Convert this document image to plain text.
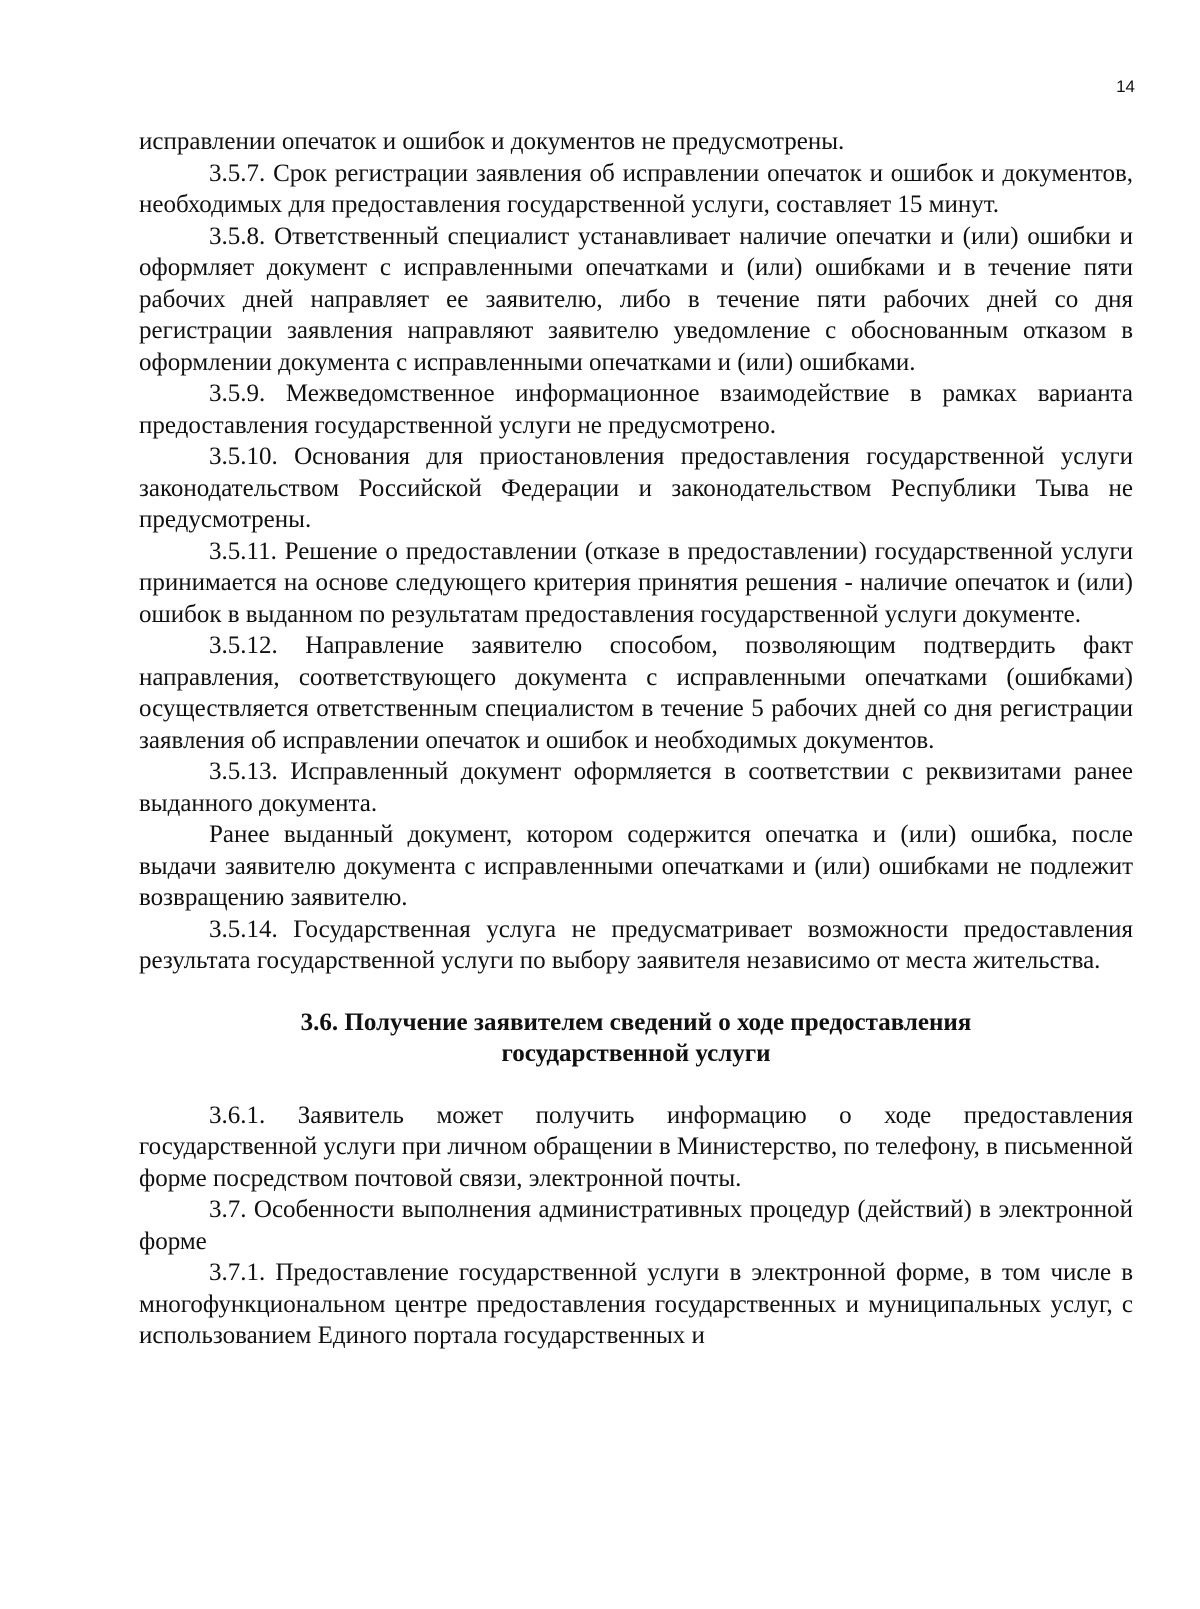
14

исправлении опечаток и ошибок и документов не предусмотрены.

3.5.7. Срок регистрации заявления об исправлении опечаток и ошибок и документов, необходимых для предоставления государственной услуги, составляет 15 минут.

3.5.8. Ответственный специалист устанавливает наличие опечатки и (или) ошибки и оформляет документ с исправленными опечатками и (или) ошибками и в течение пяти рабочих дней направляет ее заявителю, либо в течение пяти рабочих дней со дня регистрации заявления направляют заявителю уведомление с обоснованным отказом в оформлении документа с исправленными опечатками и (или) ошибками.

3.5.9. Межведомственное информационное взаимодействие в рамках варианта предоставления государственной услуги не предусмотрено.

3.5.10. Основания для приостановления предоставления государственной услуги законодательством Российской Федерации и законодательством Республики Тыва не предусмотрены.

3.5.11. Решение о предоставлении (отказе в предоставлении) государственной услуги принимается на основе следующего критерия принятия решения - наличие опечаток и (или) ошибок в выданном по результатам предоставления государственной услуги документе.

3.5.12. Направление заявителю способом, позволяющим подтвердить факт направления, соответствующего документа с исправленными опечатками (ошибками) осуществляется ответственным специалистом в течение 5 рабочих дней со дня регистрации заявления об исправлении опечаток и ошибок и необходимых документов.

3.5.13. Исправленный документ оформляется в соответствии с реквизитами ранее выданного документа.

Ранее выданный документ, котором содержится опечатка и (или) ошибка, после выдачи заявителю документа с исправленными опечатками и (или) ошибками не подлежит возвращению заявителю.

3.5.14. Государственная услуга не предусматривает возможности предоставления результата государственной услуги по выбору заявителя независимо от места жительства.

3.6. Получение заявителем сведений о ходе предоставления
государственной услуги

3.6.1. Заявитель может получить информацию о ходе предоставления государственной услуги при личном обращении в Министерство, по телефону, в письменной форме посредством почтовой связи, электронной почты.

3.7. Особенности выполнения административных процедур (действий) в электронной форме

3.7.1. Предоставление государственной услуги в электронной форме, в том числе в многофункциональном центре предоставления государственных и муниципальных услуг, с использованием Единого портала государственных и
